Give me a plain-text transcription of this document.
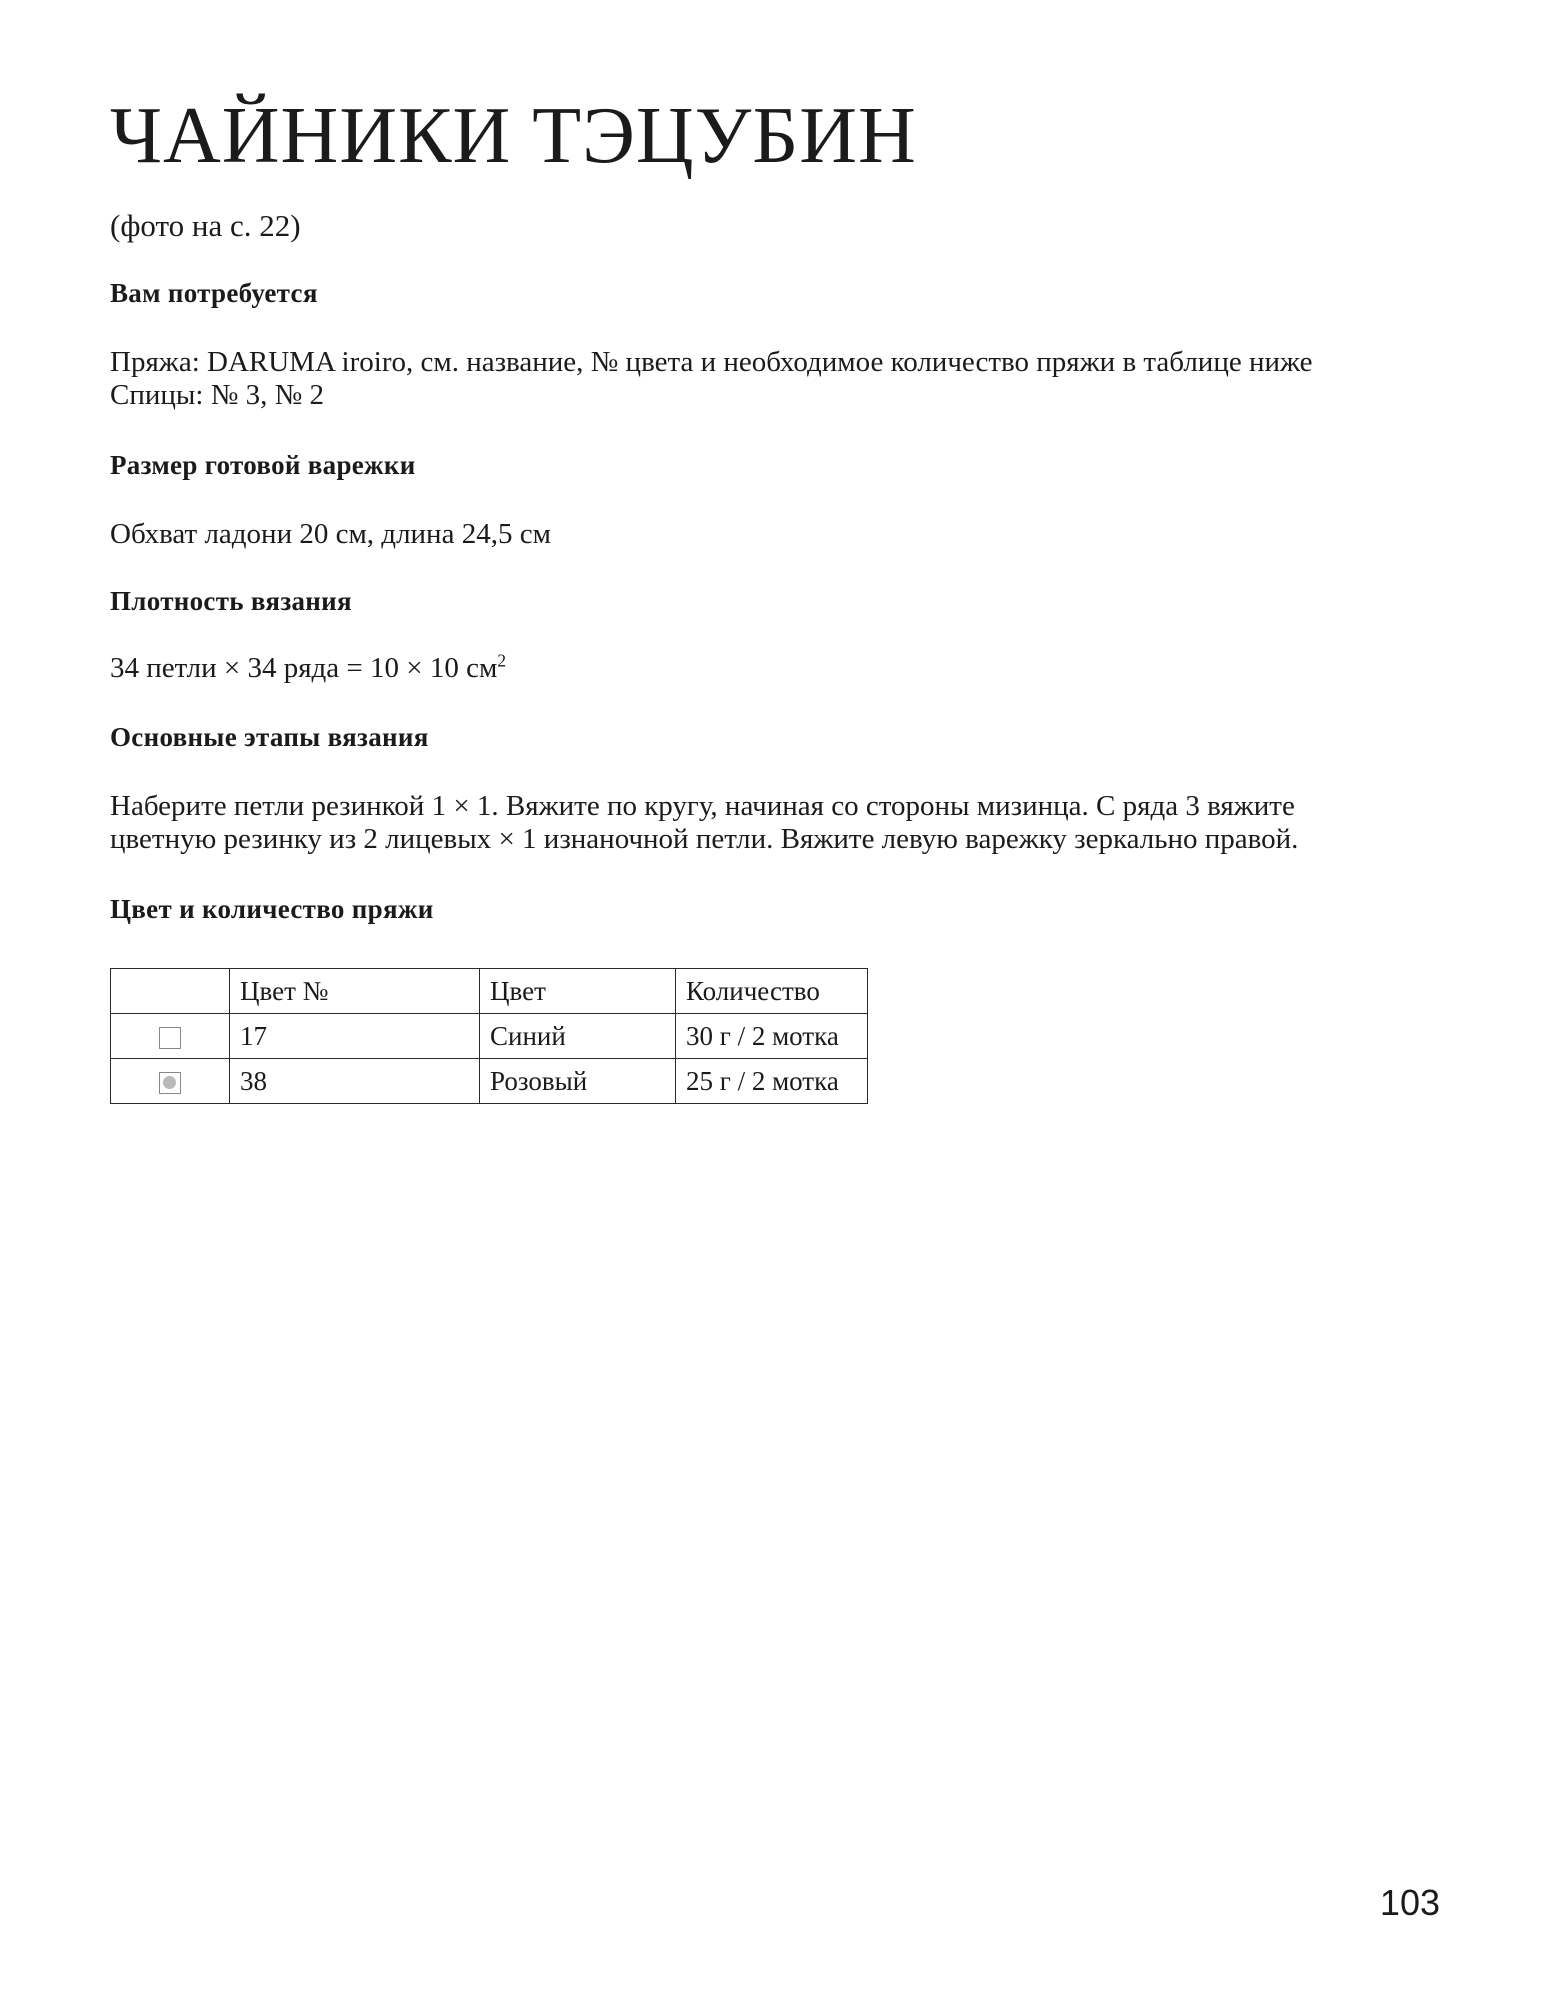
ЧАЙНИКИ ТЭЦУБИН
(фото на с. 22)
Вам потребуется
Пряжа: DARUMA iroiro, см. название, № цвета и необходимое количество пряжи в таблице ниже
Спицы: № 3, № 2
Размер готовой варежки
Обхват ладони 20 см, длина 24,5 см
Плотность вязания
34 петли × 34 ряда = 10 × 10 $см^2$
Основные этапы вязания
Наберите петли резинкой 1 × 1. Вяжите по кругу, начиная со стороны мизинца. С ряда 3 вяжите
цветную резинку из 2 лицевых × 1 изнаночной петли. Вяжите левую варежку зеркально правой.
Цвет и количество пряжи
	Цвет №	Цвет	Количество
	17	Синий	30 г / 2 мотка
	38	Розовый	25 г / 2 мотка
103
